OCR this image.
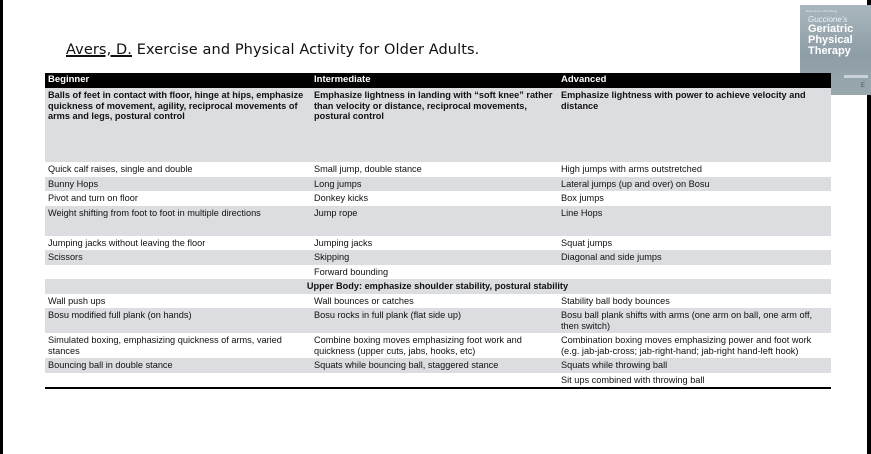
Avers, D. Exercise and Physical Activity for Older Adults.
Dale Avers • Rita Wong
Guccione's
Geriatric
Physical
Therapy
E
Beginner	Intermediate	Advanced
Balls of feet in contact with floor, hinge at hips, emphasize quickness of movement, agility, reciprocal movements of arms and legs, postural control	Emphasize lightness in landing with “soft knee” rather than velocity or distance, reciprocal movements, postural control	Emphasize lightness with power to achieve velocity and distance
Quick calf raises, single and double	Small jump, double stance	High jumps with arms outstretched
Bunny Hops	Long jumps	Lateral jumps (up and over) on Bosu
Pivot and turn on floor	Donkey kicks	Box jumps
Weight shifting from foot to foot in multiple directions	Jump rope	Line Hops
Jumping jacks without leaving the floor	Jumping jacks	Squat jumps
Scissors	Skipping	Diagonal and side jumps
	Forward bounding	
Upper Body: emphasize shoulder stability, postural stability		
Wall push ups	Wall bounces or catches	Stability ball body bounces
Bosu modified full plank (on hands)	Bosu rocks in full plank (flat side up)	Bosu ball plank shifts with arms (one arm on ball, one arm off, then switch)
Simulated boxing, emphasizing quickness of arms, varied stances	Combine boxing moves emphasizing foot work and quickness (upper cuts, jabs, hooks, etc)	Combination boxing moves emphasizing power and foot work (e.g. jab-jab-cross; jab-right-hand; jab-right hand-left hook)
Bouncing ball in double stance	Squats while bouncing ball, staggered stance	Squats while throwing ball
		Sit ups combined with throwing ball
